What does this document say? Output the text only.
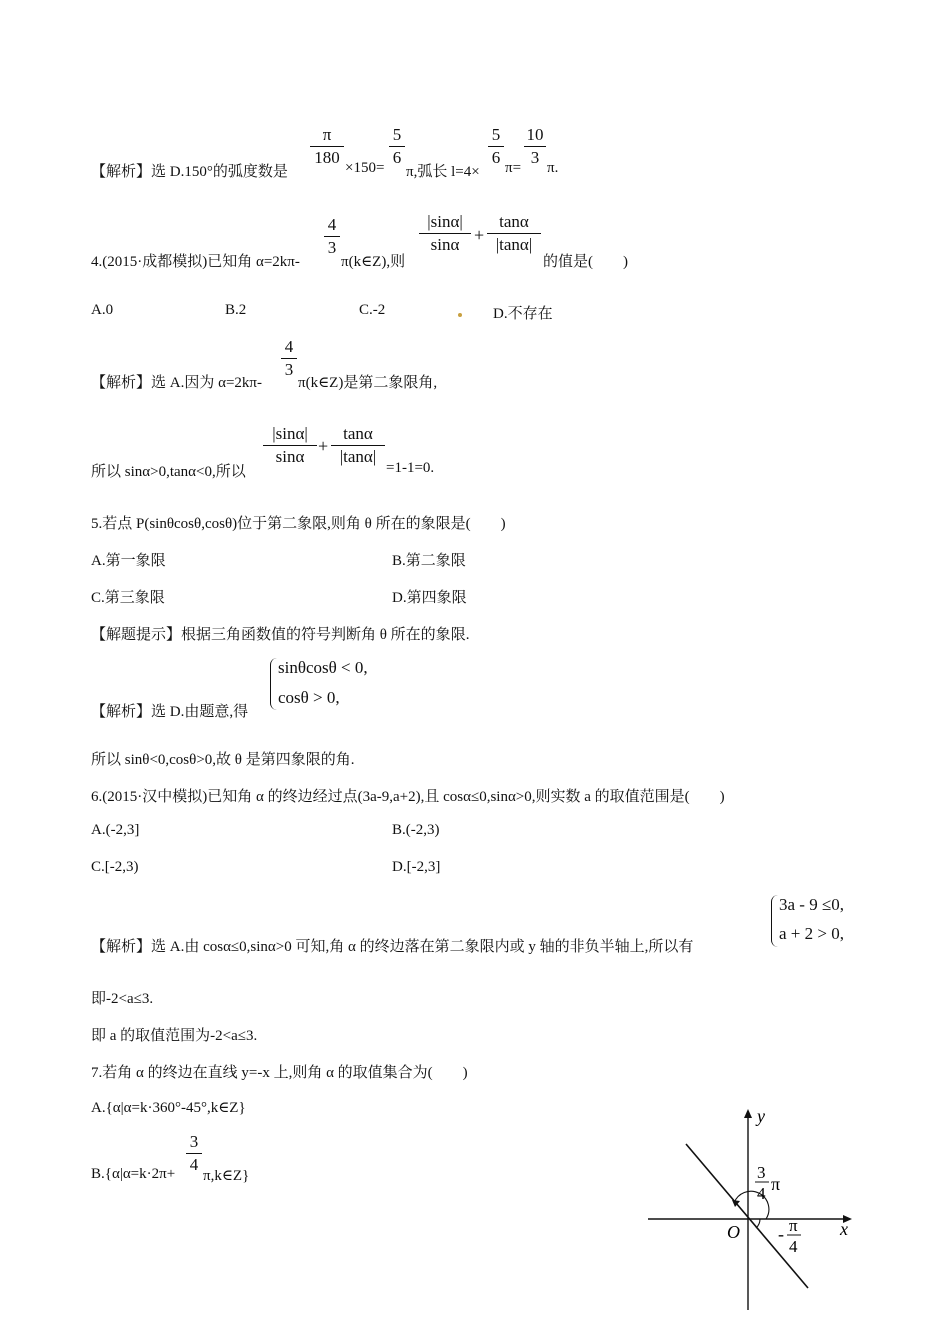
【解析】选 D.150°的弧度数是
π
180
×150=
5
6
π,弧长 l=4×
5
6
π=
10
3
π.
4.(2015·成都模拟)已知角 α=2kπ-
4
3
π(k∈Z),则
|sinα|
sinα +
tanα
|tanα|
的值是(　　)
A.0	B.2	C.-2	D.不存在
【解析】选 A.因为 α=2kπ-
4
3
π(k∈Z)是第二象限角,
所以 sinα>0,tanα<0,所以
|sinα|
sinα
+
tanα
|tanα|
=1-1=0.
5.若点 P(sinθcosθ,cosθ)位于第二象限,则角 θ 所在的象限是(　　)
A.第一象限	B.第二象限
C.第三象限	D.第四象限
【解题提示】根据三角函数值的符号判断角 θ 所在的象限.
【解析】选 D.由题意,得
sinθcosθ < 0,
cosθ > 0,
所以 sinθ<0,cosθ>0,故 θ 是第四象限的角.
6.(2015·汉中模拟)已知角 α 的终边经过点(3a-9,a+2),且 cosα≤0,sinα>0,则实数 a 的取值范围是(　　)
A.(-2,3]	B.(-2,3)
C.[-2,3)	D.[-2,3]
【解析】选 A.由 cosα≤0,sinα>0 可知,角 α 的终边落在第二象限内或 y 轴的非负半轴上,所以有
3a - 9 ≤0,
a + 2 > 0,
即-2<a≤3.
即 a 的取值范围为-2<a≤3.
7.若角 α 的终边在直线 y=-x 上,则角 α 的取值集合为(　　)
A.{α|α=k·360°-45°,k∈Z}
B.{α|α=k·2π+
3
4
π,k∈Z}
y
x
O
3
4 π
- π
4
